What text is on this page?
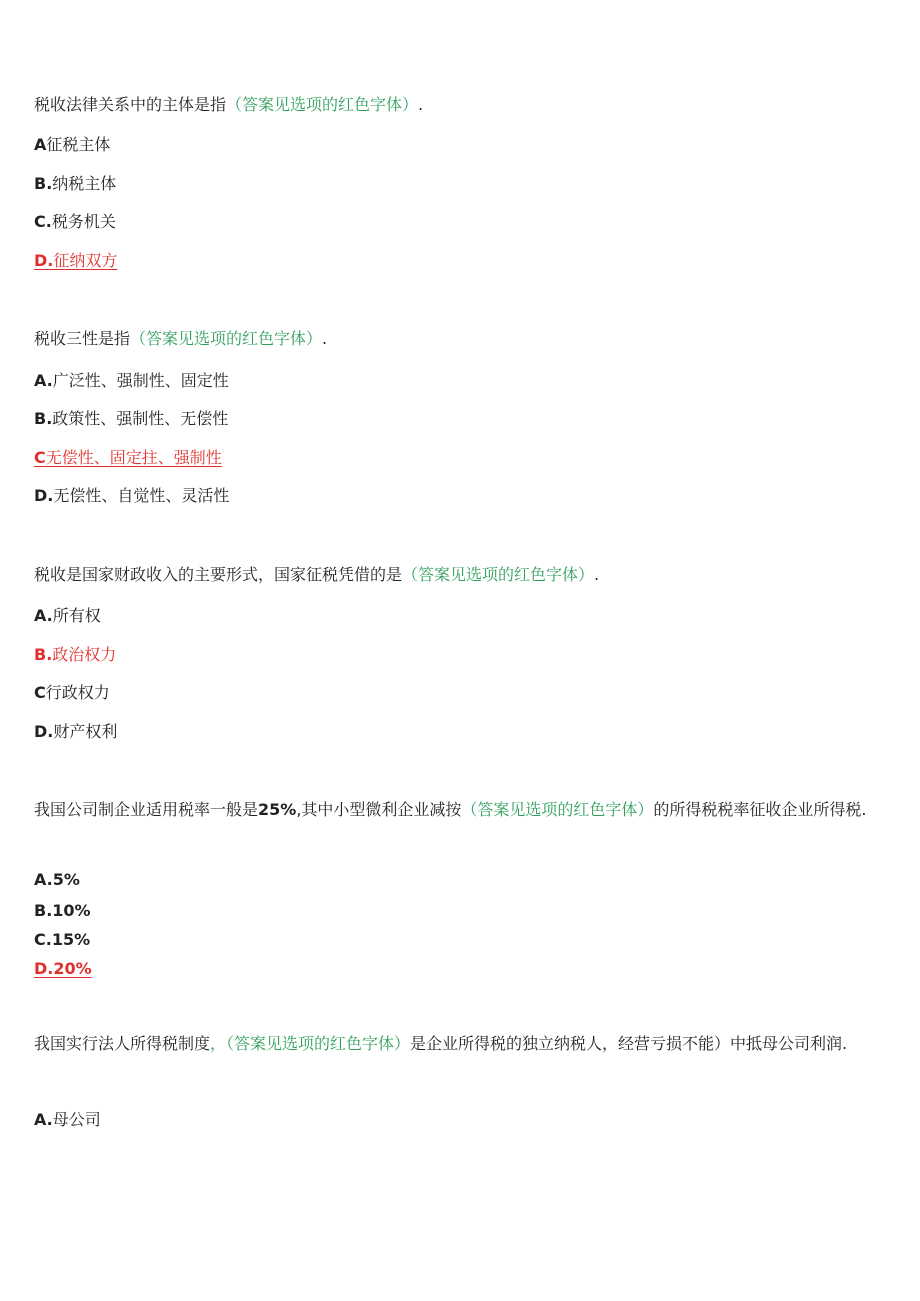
税收法律关系中的主体是指（答案见选项的红色字体）.
A征税主体
B.纳税主体
C.税务机关
D.征纳双方
税收三性是指（答案见选项的红色字体）.
A.广泛性、强制性、固定性
B.政策性、强制性、无偿性
C无偿性、固定拄、强制性
D.无偿性、自觉性、灵活性
税收是国家财政收入的主要形式，国家征税凭借的是（答案见选项的红色字体）.
A.所有权
B.政治权力
C行政权力
D.财产权利
我国公司制企业适用税率一般是25%,其中小型微利企业减按（答案见选项的红色字体）的所得税税率征收企业所得税.
A.5%
B.10%
C.15%
D.20%
我国实行法人所得税制度，（答案见选项的红色字体）是企业所得税的独立纳税人，经营亏损不能）中抵母公司利润.
A.母公司
